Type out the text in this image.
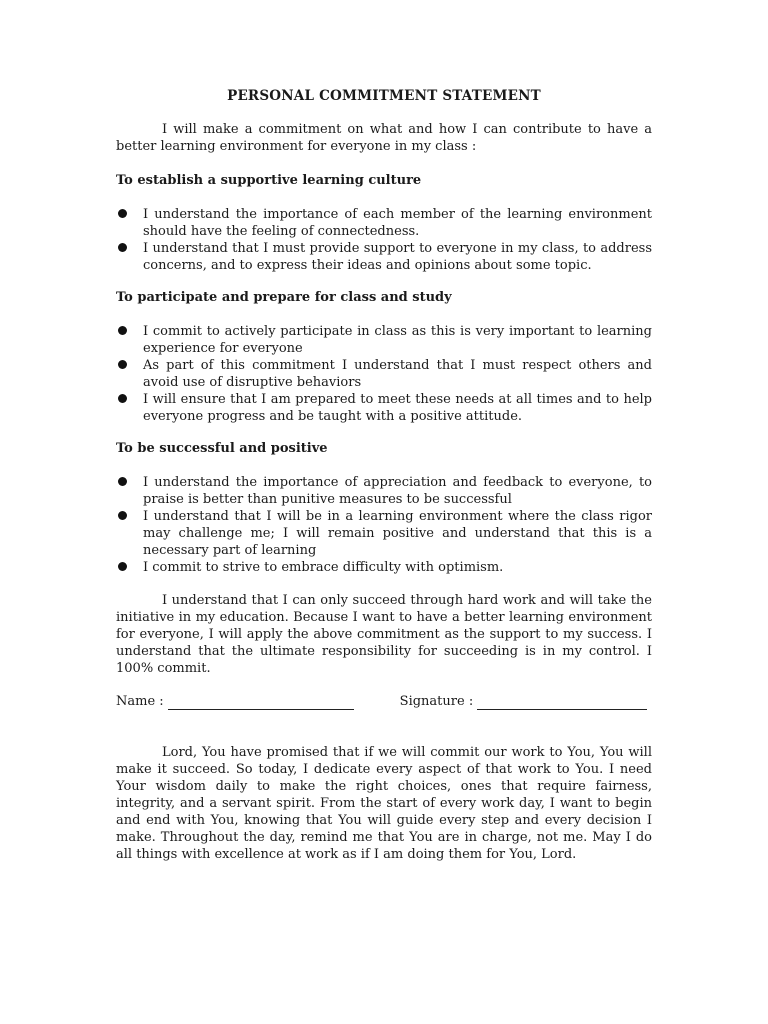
PERSONAL COMMITMENT STATEMENT

I will make a commitment on what and how I can contribute to have a better learning environment for everyone in my class :

To establish a supportive learning culture

I understand the importance of each member of the learning environment should have the feeling of connectedness.
I understand that I must provide support to everyone in my class, to address concerns, and to express their ideas and opinions about some topic.

To participate and prepare for class and study

I commit to actively participate in class as this is very important to learning experience for everyone
As part of this commitment I understand that I must respect others and avoid use of disruptive behaviors
I will ensure that I am prepared to meet these needs at all times and to help everyone progress and be taught with a positive attitude.

To be successful and positive

I understand the importance of appreciation and feedback to everyone, to praise is better than punitive measures to be successful
I understand that I will be in a learning environment where the class rigor may challenge me; I will remain positive and understand that this is a necessary part of learning
I commit to strive to embrace difficulty with optimism.

I understand that I can only succeed through hard work and will take the initiative in my education. Because I want to have a better learning environment for everyone, I will apply the above commitment as the support to my success. I understand that the ultimate responsibility for succeeding is in my control. I 100% commit.

Name :	Signature :

Lord, You have promised that if we will commit our work to You, You will make it succeed. So today, I dedicate every aspect of that work to You. I need Your wisdom daily to make the right choices, ones that require fairness, integrity, and a servant spirit. From the start of every work day, I want to begin and end with You, knowing that You will guide every step and every decision I make. Throughout the day, remind me that You are in charge, not me. May I do all things with excellence at work as if I am doing them for You, Lord.
